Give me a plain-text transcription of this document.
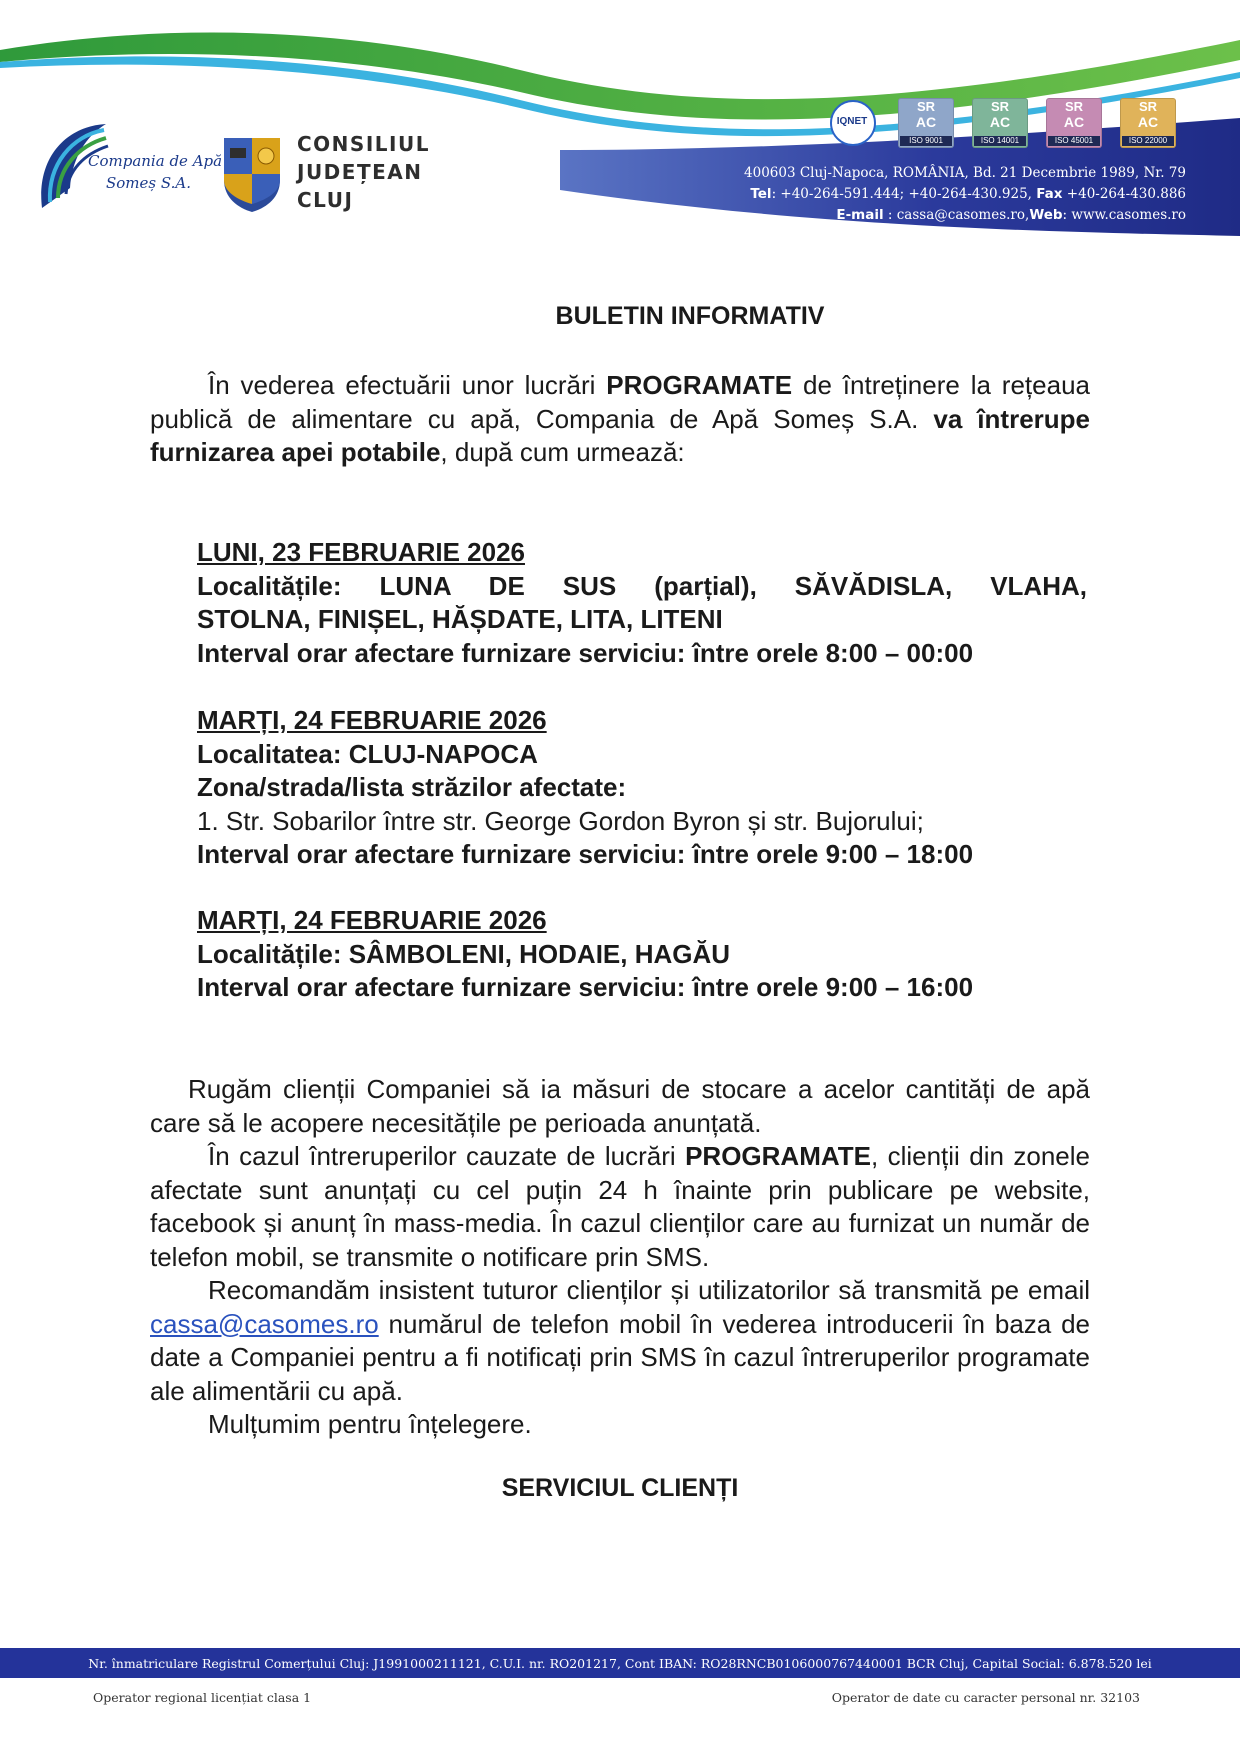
Compania de Apă
Someș S.A.
CONSILIUL
JUDEȚEAN
CLUJ
IQNET
SR
AC
ISO 9001
SR
AC
ISO 14001
SR
AC
ISO 45001
SR
AC
ISO 22000
400603 Cluj-Napoca, ROMÂNIA, Bd. 21 Decembrie 1989, Nr. 79
Tel: +40-264-591.444; +40-264-430.925, Fax +40-264-430.886
E-mail : cassa@casomes.ro,Web: www.casomes.ro
BULETIN INFORMATIV

În vederea efectuării unor lucrări PROGRAMATE de întreținere la rețeaua publică de alimentare cu apă, Compania de Apă Someș S.A. va întrerupe furnizarea apei potabile, după cum urmează:

LUNI, 23 FEBRUARIE 2026
Localitățile: LUNA DE SUS (parțial), SĂVĂDISLA, VLAHA,
STOLNA, FINIȘEL, HĂȘDATE, LITA, LITENI
Interval orar afectare furnizare serviciu: între orele 8:00 – 00:00
MARȚI, 24 FEBRUARIE 2026
Localitatea: CLUJ-NAPOCA
Zona/strada/lista străzilor afectate:
1. Str. Sobarilor între str. George Gordon Byron și str. Bujorului;
Interval orar afectare furnizare serviciu: între orele 9:00 – 18:00
MARȚI, 24 FEBRUARIE 2026
Localitățile: SÂMBOLENI, HODAIE, HAGĂU
Interval orar afectare furnizare serviciu: între orele 9:00 – 16:00

Rugăm clienții Companiei să ia măsuri de stocare a acelor cantități de apă care să le acopere necesitățile pe perioada anunțată.

În cazul întreruperilor cauzate de lucrări PROGRAMATE, clienții din zonele afectate sunt anunțați cu cel puțin 24 h înainte prin publicare pe website, facebook și anunț în mass-media. În cazul clienților care au furnizat un număr de telefon mobil, se transmite o notificare prin SMS.

Recomandăm insistent tuturor clienților și utilizatorilor să transmită pe email cassa@casomes.ro numărul de telefon mobil în vederea introducerii în baza de date a Companiei pentru a fi notificați prin SMS în cazul întreruperilor programate ale alimentării cu apă.

Mulțumim pentru înțelegere.

SERVICIUL CLIENȚI
Nr. înmatriculare Registrul Comerțului Cluj: J1991000211121, C.U.I. nr. RO201217, Cont IBAN: RO28RNCB0106000767440001 BCR Cluj, Capital Social: 6.878.520 lei
Operator regional licențiat clasa 1	Operator de date cu caracter personal nr. 32103
